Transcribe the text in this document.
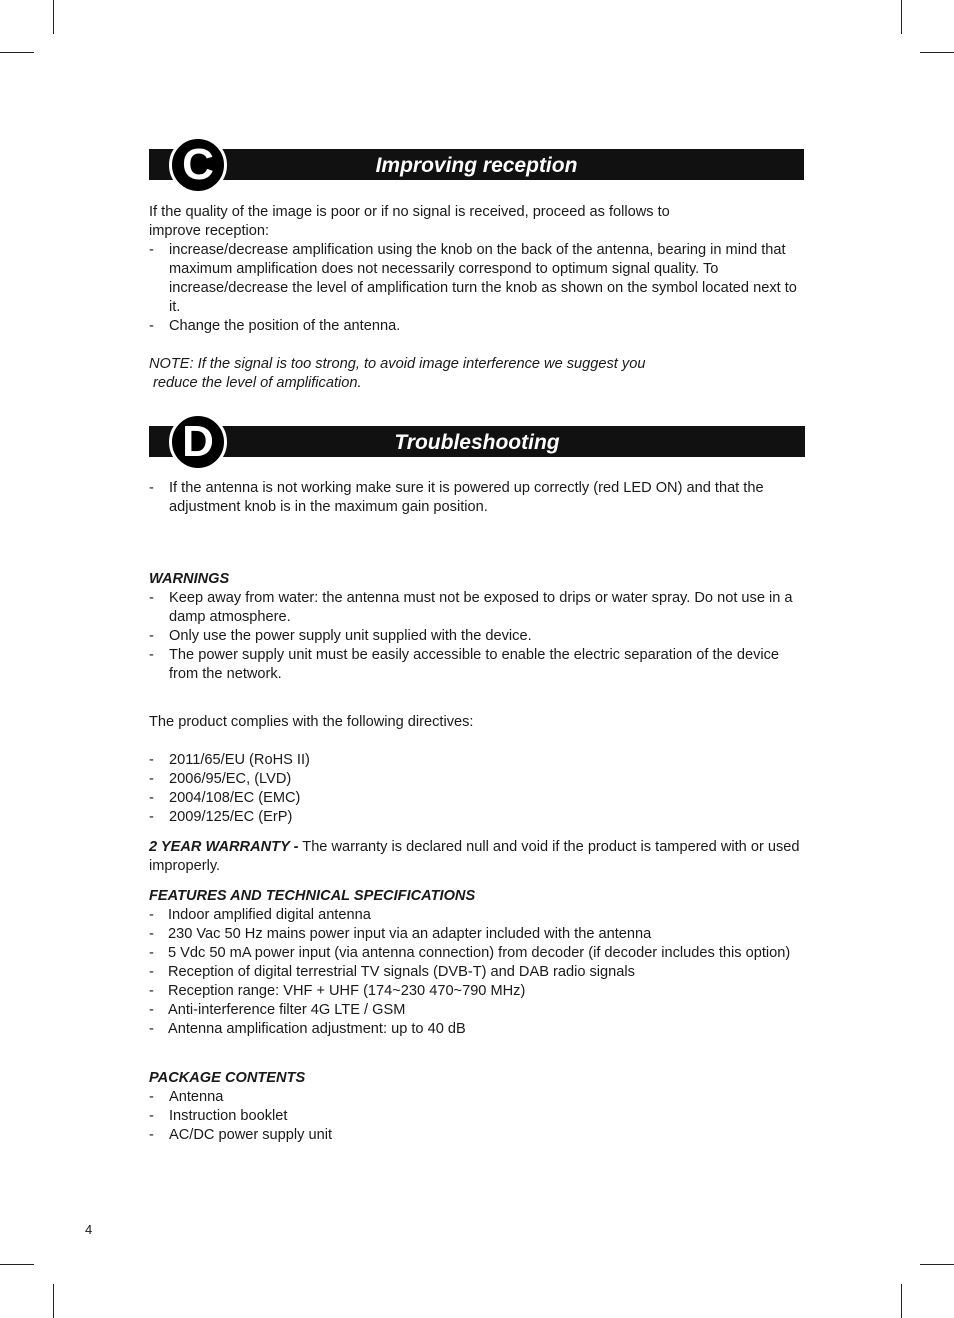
Improving reception
C

If the quality of the image is poor or if no signal is received, proceed as follows to

improve reception:

- increase/decrease amplification using the knob on the back of the antenna, bearing in mind that maximum amplification does not necessarily correspond to optimum signal quality. To increase/decrease the level of amplification turn the knob as shown on the symbol located next to it.
- Change the position of the antenna.

NOTE: If the signal is too strong, to avoid image interference we suggest you

reduce the level of amplification.

Troubleshooting
D
- If the antenna is not working make sure it is powered up correctly (red LED ON) and that the adjustment knob is in the maximum gain position.

WARNINGS

- Keep away from water: the antenna must not be exposed to drips or water spray. Do not use in a damp atmosphere.
- Only use the power supply unit supplied with the device.
- The power supply unit must be easily accessible to enable the electric separation of the device from the network.

The product complies with the following directives:

- 2011/65/EU (RoHS II)
- 2006/95/EC, (LVD)
- 2004/108/EC (EMC)
- 2009/125/EC (ErP)

2 YEAR WARRANTY - The warranty is declared null and void if the product is tampered with or used improperly.

FEATURES AND TECHNICAL SPECIFICATIONS

- Indoor amplified digital antenna
- 230 Vac 50 Hz mains power input via an adapter included with the antenna
- 5 Vdc 50 mA power input (via antenna connection) from decoder (if decoder includes this option)
- Reception of digital terrestrial TV signals (DVB-T) and DAB radio signals
- Reception range: VHF + UHF (174~230 470~790 MHz)
- Anti-interference filter 4G LTE / GSM
- Antenna amplification adjustment: up to 40 dB

PACKAGE CONTENTS

- Antenna
- Instruction booklet
- AC/DC power supply unit
4
